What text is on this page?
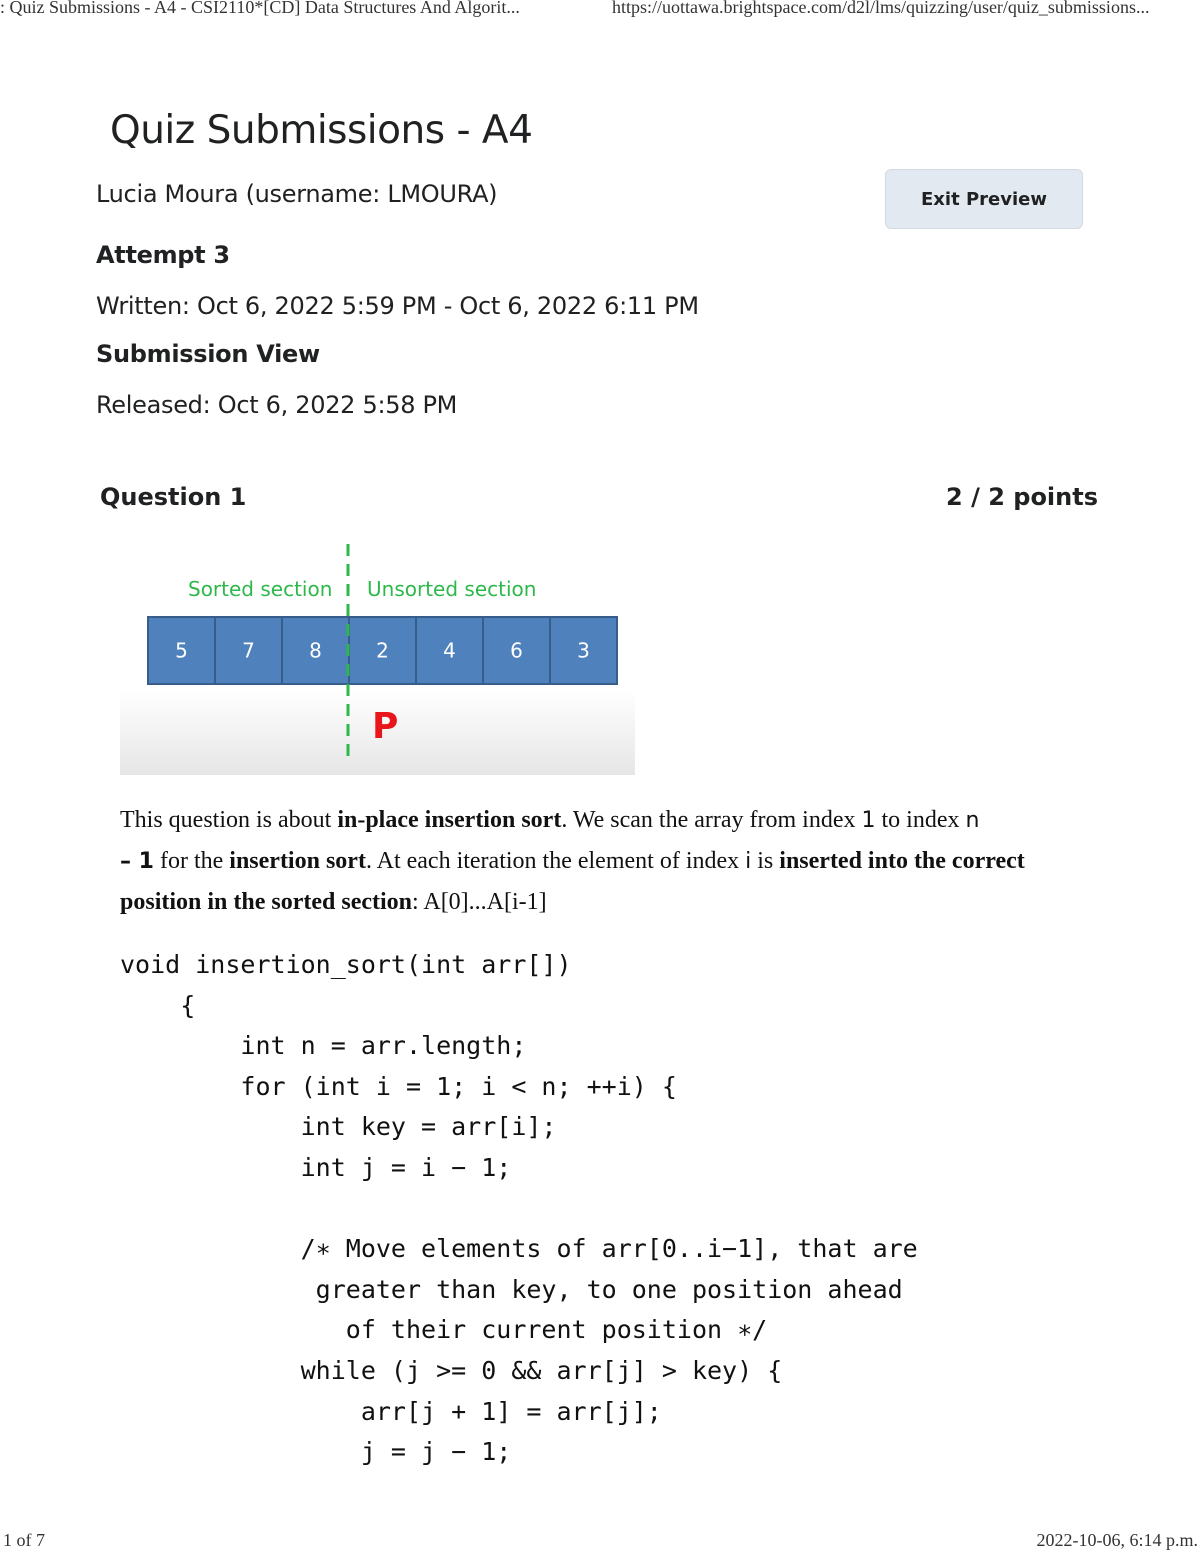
: Quiz Submissions - A4 - CSI2110*[CD] Data Structures And Algorit...	https://uottawa.brightspace.com/d2l/lms/quizzing/user/quiz_submissions...
Quiz Submissions - A4
Lucia Moura (username: LMOURA)	Exit Preview
Attempt 3
Written: Oct 6, 2022 5:59 PM - Oct 6, 2022 6:11 PM
Submission View
Released: Oct 6, 2022 5:58 PM
Question 1	2 / 2 points
Sorted section Unsorted section
5	7	8	2	4	6	3
P
This question is about in-place insertion sort. We scan the array from index 1 to index n
– 1 for the insertion sort. At each iteration the element of index i is inserted into the correct position in the sorted section: A[0]...A[i-1]
void insertion_sort(int arr[])
{
int n = arr.length;
for (int i = 1; i < n; ++i) {
int key = arr[i];
int j = i − 1;

/∗ Move elements of arr[0..i−1], that are
greater than key, to one position ahead
of their current position ∗/
while (j >= 0 && arr[j] > key) {
arr[j + 1] = arr[j];
j = j − 1;
1 of 7	2022-10-06, 6:14 p.m.
